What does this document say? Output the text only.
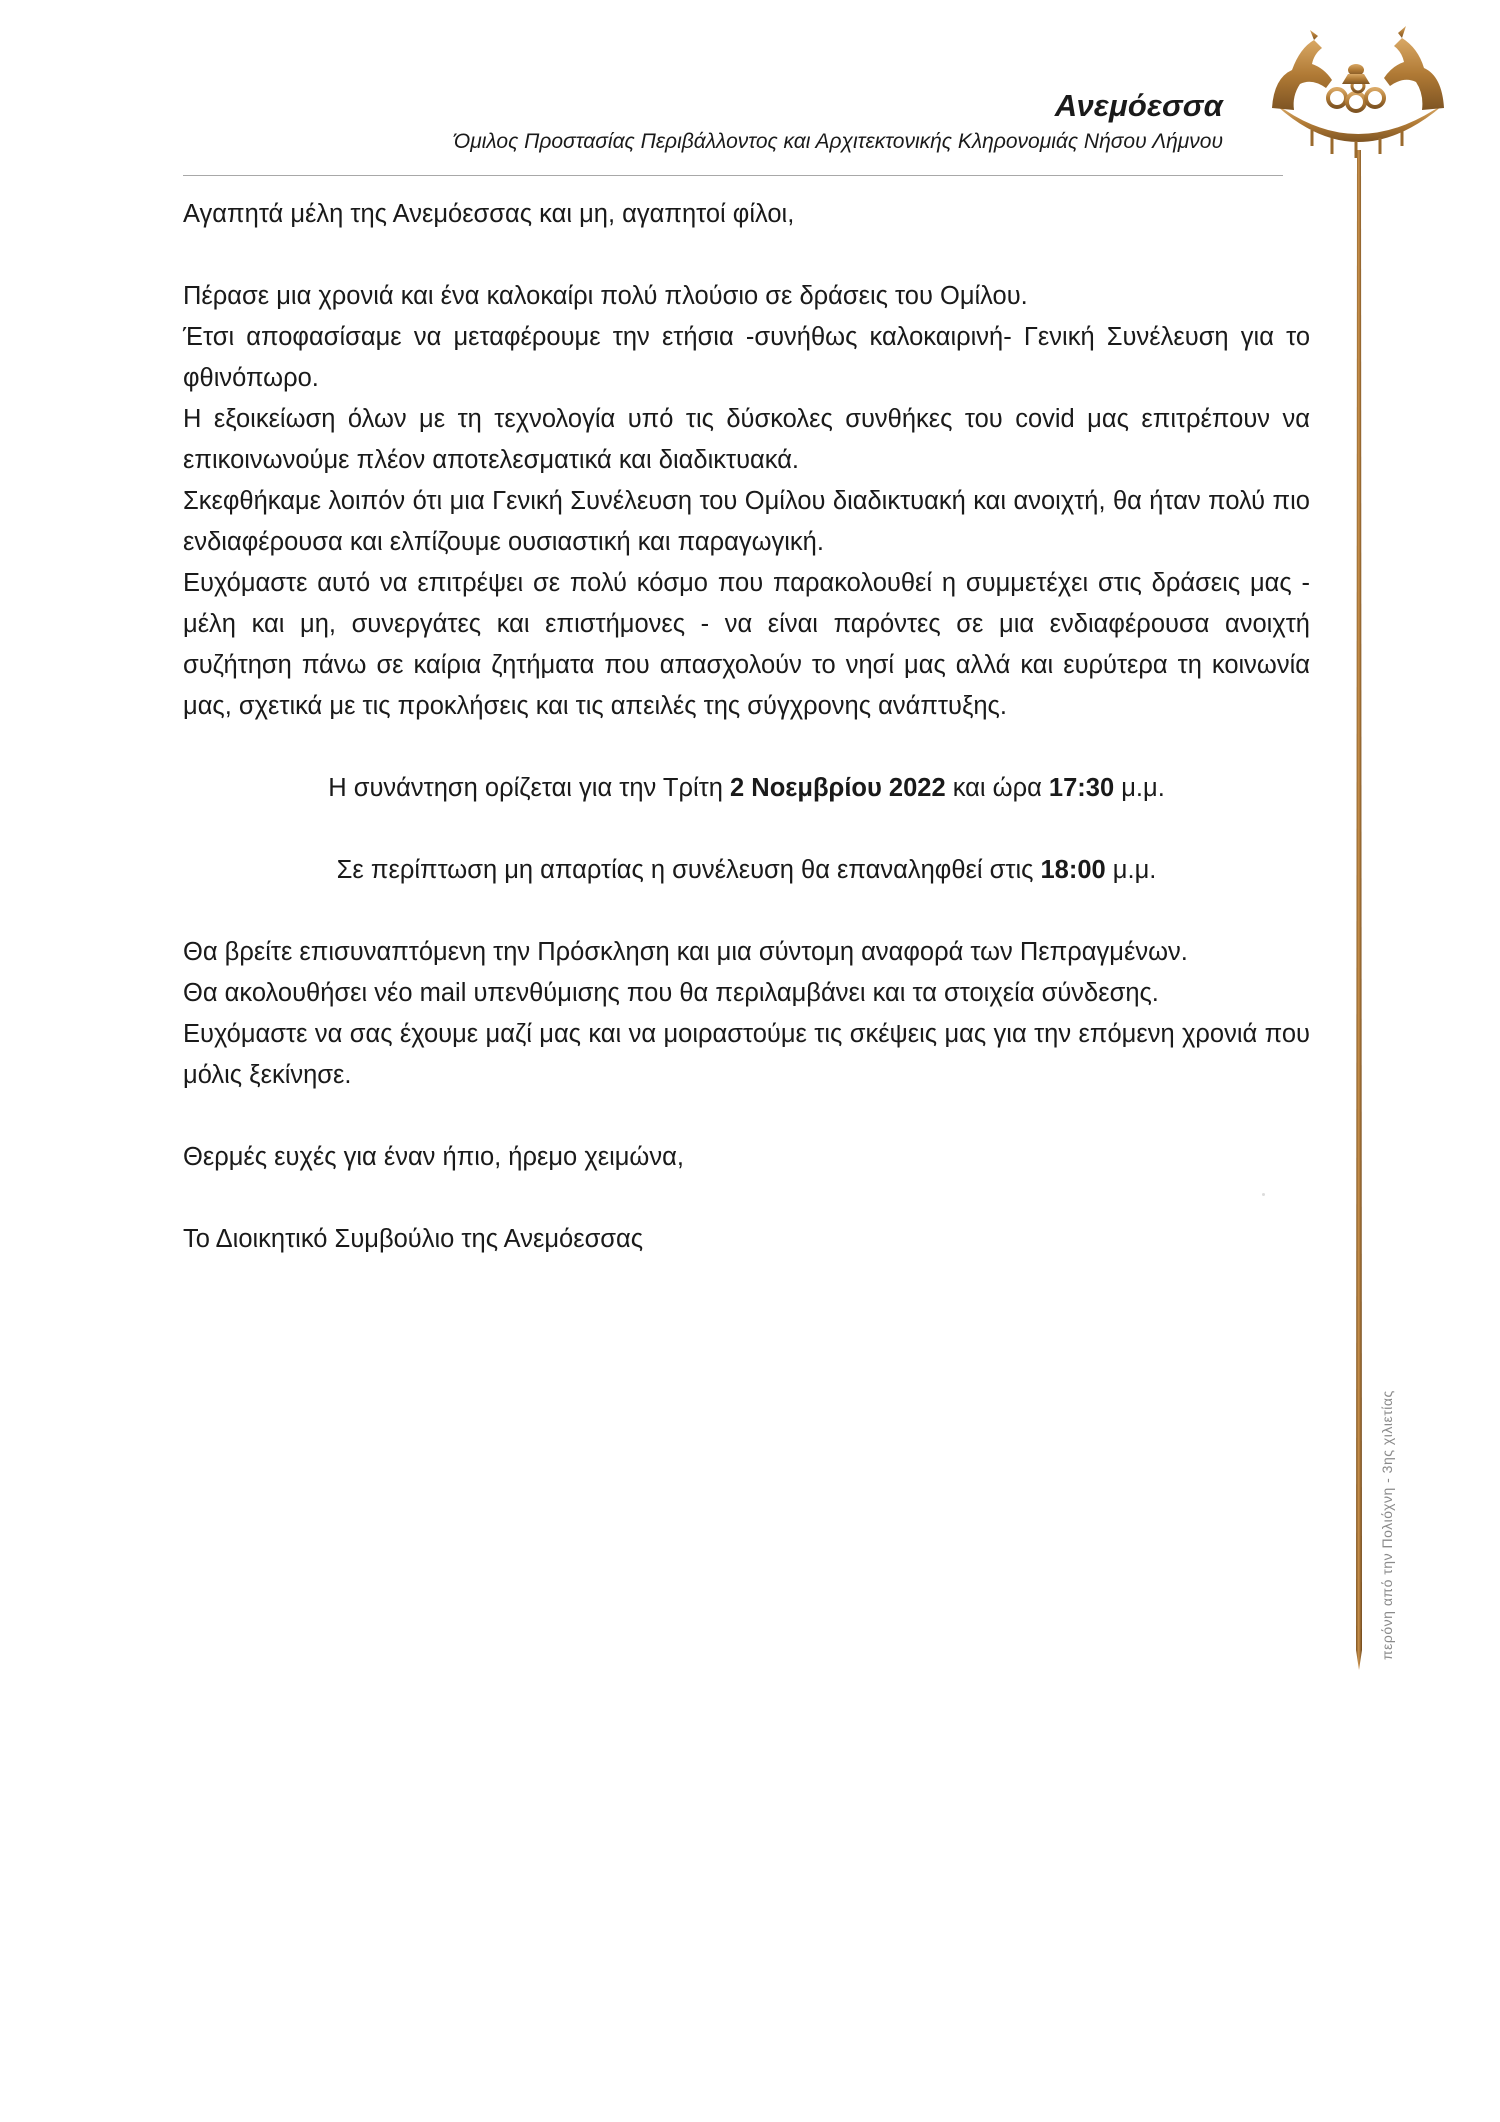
Ανεμόεσσα
Όμιλος Προστασίας Περιβάλλοντος και Αρχιτεκτονικής Κληρονομιάς Νήσου Λήμνου
περόνη από την Πολιόχνη - 3ης χιλιετίας

Αγαπητά μέλη της Ανεμόεσσας και μη, αγαπητοί φίλοι,

Πέρασε μια χρονιά και ένα καλοκαίρι πολύ πλούσιο σε δράσεις του Ομίλου.

Έτσι αποφασίσαμε να μεταφέρουμε την ετήσια -συνήθως καλοκαιρινή- Γενική Συνέλευση για το φθινόπωρο.

Η εξοικείωση όλων με τη τεχνολογία υπό τις δύσκολες συνθήκες του covid μας επιτρέπουν να επικοινωνούμε πλέον αποτελεσματικά και διαδικτυακά.

Σκεφθήκαμε λοιπόν ότι μια Γενική Συνέλευση του Ομίλου διαδικτυακή και ανοιχτή, θα ήταν πολύ πιο ενδιαφέρουσα και ελπίζουμε ουσιαστική και παραγωγική.

Ευχόμαστε αυτό να επιτρέψει σε πολύ κόσμο που παρακολουθεί η συμμετέχει στις δράσεις μας - μέλη και μη, συνεργάτες και επιστήμονες - να είναι παρόντες σε μια ενδιαφέρουσα ανοιχτή συζήτηση πάνω σε καίρια ζητήματα που απασχολούν το νησί μας αλλά και ευρύτερα τη κοινωνία μας, σχετικά με τις προκλήσεις και τις απειλές της σύγχρονης ανάπτυξης.

Η συνάντηση ορίζεται για την Τρίτη 2 Νοεμβρίου 2022 και ώρα 17:30 μ.μ.

Σε περίπτωση μη απαρτίας η συνέλευση θα επαναληφθεί στις 18:00 μ.μ.

Θα βρείτε επισυναπτόμενη την Πρόσκληση και μια σύντομη αναφορά των Πεπραγμένων.

Θα ακολουθήσει νέο mail υπενθύμισης που θα περιλαμβάνει και τα στοιχεία σύνδεσης.

Ευχόμαστε να σας έχουμε μαζί μας και να μοιραστούμε τις σκέψεις μας για την επόμενη χρονιά που μόλις ξεκίνησε.

Θερμές ευχές για έναν ήπιο, ήρεμο χειμώνα,

Το Διοικητικό Συμβούλιο της Ανεμόεσσας
